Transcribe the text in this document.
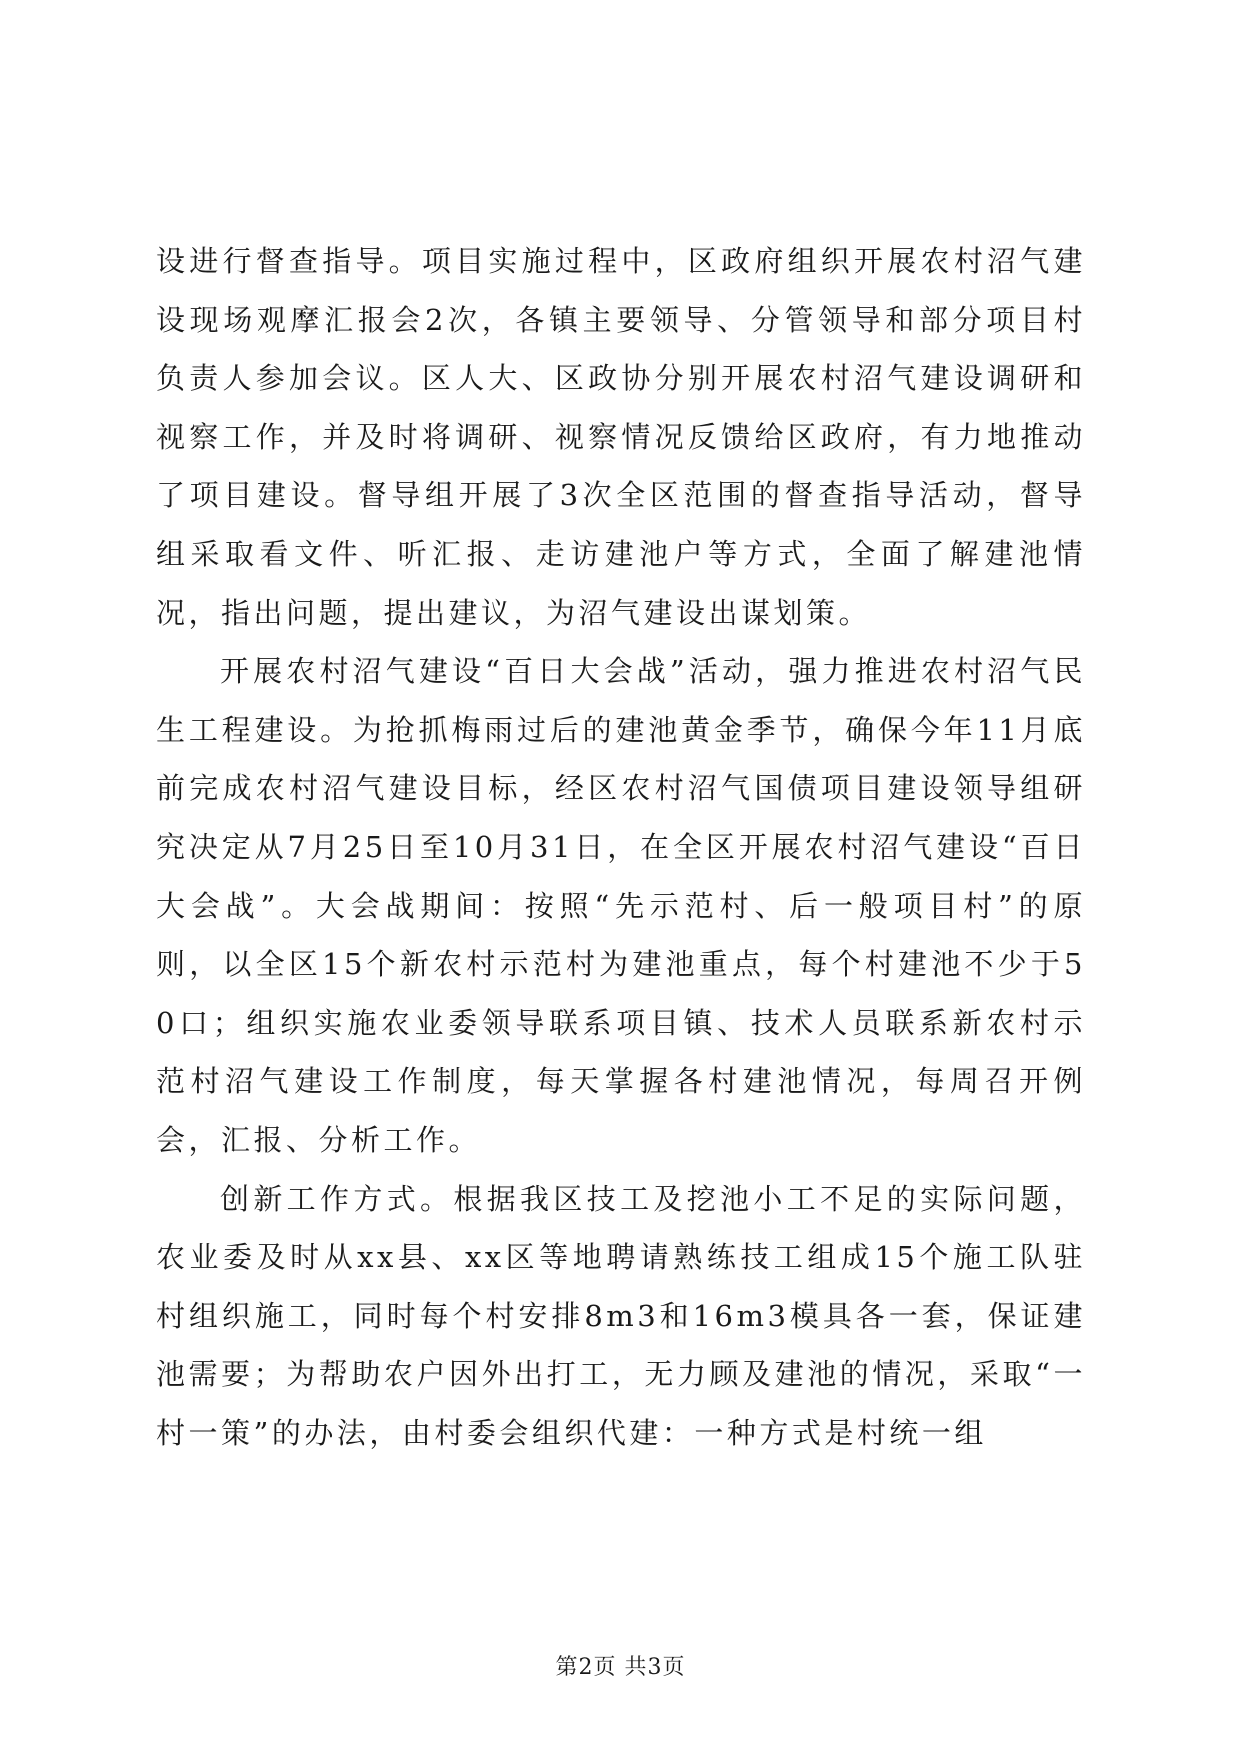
设进行督查指导。项目实施过程中，区政府组织开展农村沼气建设现场观摩汇报会2次，各镇主要领导、分管领导和部分项目村负责人参加会议。区人大、区政协分别开展农村沼气建设调研和视察工作，并及时将调研、视察情况反馈给区政府，有力地推动了项目建设。督导组开展了3次全区范围的督查指导活动，督导组采取看文件、听汇报、走访建池户等方式，全面了解建池情况，指出问题，提出建议，为沼气建设出谋划策。

开展农村沼气建设“百日大会战”活动，强力推进农村沼气民生工程建设。为抢抓梅雨过后的建池黄金季节，确保今年11月底前完成农村沼气建设目标，经区农村沼气国债项目建设领导组研究决定从7月25日至10月31日，在全区开展农村沼气建设“百日大会战”。大会战期间：按照“先示范村、后一般项目村”的原则，以全区15个新农村示范村为建池重点，每个村建池不少于50口；组织实施农业委领导联系项目镇、技术人员联系新农村示范村沼气建设工作制度，每天掌握各村建池情况，每周召开例会，汇报、分析工作。

创新工作方式。根据我区技工及挖池小工不足的实际问题，农业委及时从xx县、xx区等地聘请熟练技工组成15个施工队驻村组织施工，同时每个村安排8m3和16m3模具各一套，保证建池需要；为帮助农户因外出打工，无力顾及建池的情况，采取“一村一策”的办法，由村委会组织代建：一种方式是村统一组

第2页 共3页
